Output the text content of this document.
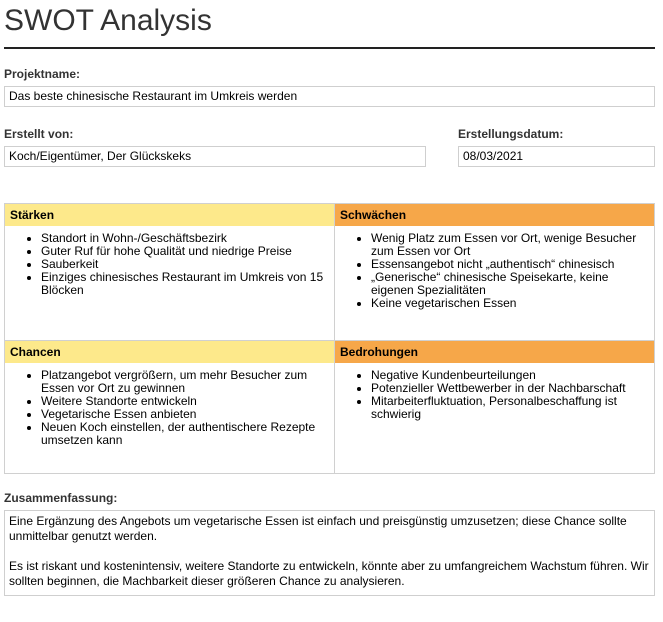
SWOT Analysis
Projektname:
Das beste chinesische Restaurant im Umkreis werden
Erstellt von:
Koch/Eigentümer, Der Glückskeks
Erstellungsdatum:
08/03/2021
Stärken
• Standort in Wohn-/Geschäftsbezirk
• Guter Ruf für hohe Qualität und niedrige Preise
• Sauberkeit
• Einziges chinesisches Restaurant im Umkreis von 15 Blöcken
Schwächen
• Wenig Platz zum Essen vor Ort, wenige Besucher zum Essen vor Ort
• Essensangebot nicht „authentisch“ chinesisch
• „Generische“ chinesische Speisekarte, keine eigenen Spezialitäten
• Keine vegetarischen Essen
Chancen
• Platzangebot vergrößern, um mehr Besucher zum Essen vor Ort zu gewinnen
• Weitere Standorte entwickeln
• Vegetarische Essen anbieten
• Neuen Koch einstellen, der authentischere Rezepte umsetzen kann
Bedrohungen
• Negative Kundenbeurteilungen
• Potenzieller Wettbewerber in der Nachbarschaft
• Mitarbeiterfluktuation, Personalbeschaffung ist schwierig
Zusammenfassung:

Eine Ergänzung des Angebots um vegetarische Essen ist einfach und preisgünstig umzusetzen; diese Chance sollte unmittelbar genutzt werden.

Es ist riskant und kostenintensiv, weitere Standorte zu entwickeln, könnte aber zu umfangreichem Wachstum führen. Wir sollten beginnen, die Machbarkeit dieser größeren Chance zu analysieren.
